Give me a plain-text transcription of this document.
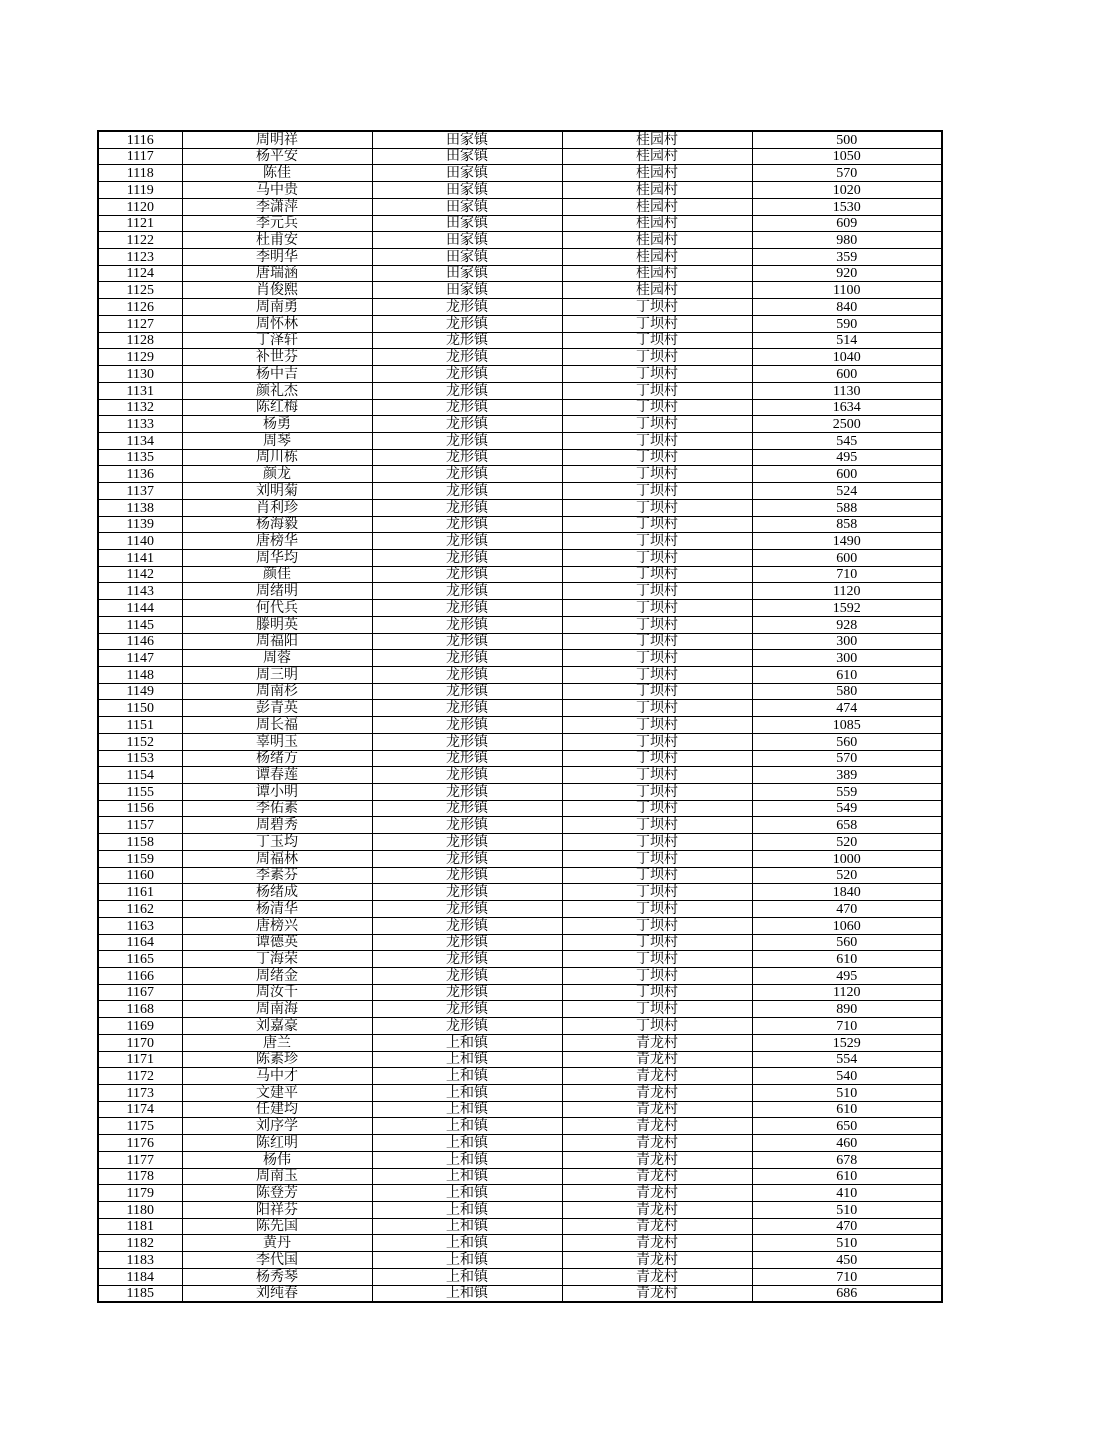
1116	周明祥	田家镇	桂园村	500
1117	杨平安	田家镇	桂园村	1050
1118	陈佳	田家镇	桂园村	570
1119	马中贵	田家镇	桂园村	1020
1120	李潇萍	田家镇	桂园村	1530
1121	李元兵	田家镇	桂园村	609
1122	杜甫安	田家镇	桂园村	980
1123	李明华	田家镇	桂园村	359
1124	唐瑞涵	田家镇	桂园村	920
1125	肖俊熙	田家镇	桂园村	1100
1126	周南勇	龙形镇	丁坝村	840
1127	周怀林	龙形镇	丁坝村	590
1128	丁泽轩	龙形镇	丁坝村	514
1129	补世芬	龙形镇	丁坝村	1040
1130	杨中吉	龙形镇	丁坝村	600
1131	颜礼杰	龙形镇	丁坝村	1130
1132	陈红梅	龙形镇	丁坝村	1634
1133	杨勇	龙形镇	丁坝村	2500
1134	周琴	龙形镇	丁坝村	545
1135	周川栋	龙形镇	丁坝村	495
1136	颜龙	龙形镇	丁坝村	600
1137	刘明菊	龙形镇	丁坝村	524
1138	肖利珍	龙形镇	丁坝村	588
1139	杨海毅	龙形镇	丁坝村	858
1140	唐榜华	龙形镇	丁坝村	1490
1141	周华均	龙形镇	丁坝村	600
1142	颜佳	龙形镇	丁坝村	710
1143	周绪明	龙形镇	丁坝村	1120
1144	何代兵	龙形镇	丁坝村	1592
1145	滕明英	龙形镇	丁坝村	928
1146	周福阳	龙形镇	丁坝村	300
1147	周蓉	龙形镇	丁坝村	300
1148	周三明	龙形镇	丁坝村	610
1149	周南杉	龙形镇	丁坝村	580
1150	彭青英	龙形镇	丁坝村	474
1151	周长福	龙形镇	丁坝村	1085
1152	辜明玉	龙形镇	丁坝村	560
1153	杨绪方	龙形镇	丁坝村	570
1154	谭春莲	龙形镇	丁坝村	389
1155	谭小明	龙形镇	丁坝村	559
1156	李佑素	龙形镇	丁坝村	549
1157	周碧秀	龙形镇	丁坝村	658
1158	丁玉均	龙形镇	丁坝村	520
1159	周福林	龙形镇	丁坝村	1000
1160	李素芬	龙形镇	丁坝村	520
1161	杨绪成	龙形镇	丁坝村	1840
1162	杨清华	龙形镇	丁坝村	470
1163	唐榜兴	龙形镇	丁坝村	1060
1164	谭德英	龙形镇	丁坝村	560
1165	丁海荣	龙形镇	丁坝村	610
1166	周绪金	龙形镇	丁坝村	495
1167	周汝千	龙形镇	丁坝村	1120
1168	周南海	龙形镇	丁坝村	890
1169	刘嘉豪	龙形镇	丁坝村	710
1170	唐兰	上和镇	青龙村	1529
1171	陈素珍	上和镇	青龙村	554
1172	马中才	上和镇	青龙村	540
1173	文建平	上和镇	青龙村	510
1174	任建均	上和镇	青龙村	610
1175	刘序学	上和镇	青龙村	650
1176	陈红明	上和镇	青龙村	460
1177	杨伟	上和镇	青龙村	678
1178	周南玉	上和镇	青龙村	610
1179	陈登芳	上和镇	青龙村	410
1180	阳祥芬	上和镇	青龙村	510
1181	陈先国	上和镇	青龙村	470
1182	黄丹	上和镇	青龙村	510
1183	李代国	上和镇	青龙村	450
1184	杨秀琴	上和镇	青龙村	710
1185	刘纯春	上和镇	青龙村	686
